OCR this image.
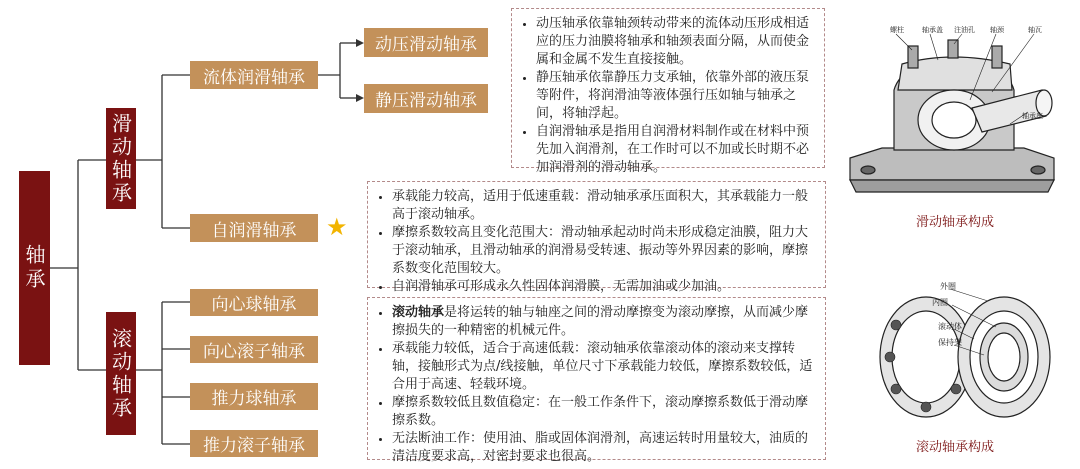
轴承
滑动轴承
滚动轴承
流体润滑轴承
动压滑动轴承
静压滑动轴承
自润滑轴承 ★
向心球轴承
向心滚子轴承
推力球轴承
推力滚子轴承
• 动压轴承依靠轴颈转动带来的流体动压形成相适应的压力油膜将轴承和轴颈表面分隔，从而使金属和金属不发生直接接触。
• 静压轴承依靠静压力支承轴，依靠外部的液压泵等附件，将润滑油等液体强行压如轴与轴承之间，将轴浮起。
• 自润滑轴承是指用自润滑材料制作或在材料中预先加入润滑剂，在工作时可以不加或长时期不必加润滑剂的滑动轴承。
• 承载能力较高，适用于低速重载：滑动轴承承压面积大，其承载能力一般高于滚动轴承。
• 摩擦系数较高且变化范围大：滑动轴承起动时尚未形成稳定油膜，阻力大于滚动轴承，且滑动轴承的润滑易受转速、振动等外界因素的影响，摩擦系数变化范围较大。
• 自润滑轴承可形成永久性固体润滑膜，无需加油或少加油。
• 滚动轴承是将运转的轴与轴座之间的滑动摩擦变为滚动摩擦，从而减少摩擦损失的一种精密的机械元件。
• 承载能力较低，适合于高速低载：滚动轴承依靠滚动体的滚动来支撑转轴，接触形式为点/线接触，单位尺寸下承载能力较低，摩擦系数较低，适合用于高速、轻载环境。
• 摩擦系数较低且数值稳定：在一般工作条件下，滚动摩擦系数低于滑动摩擦系数。
• 无法断油工作：使用油、脂或固体润滑剂，高速运转时用量较大，油质的清洁度要求高，对密封要求也很高。
螺柱	轴承盖 注油孔 轴颈	轴瓦
轴承座
滑动轴承构成
外圈
内圈
滚动体
保持架
滚动轴承构成
